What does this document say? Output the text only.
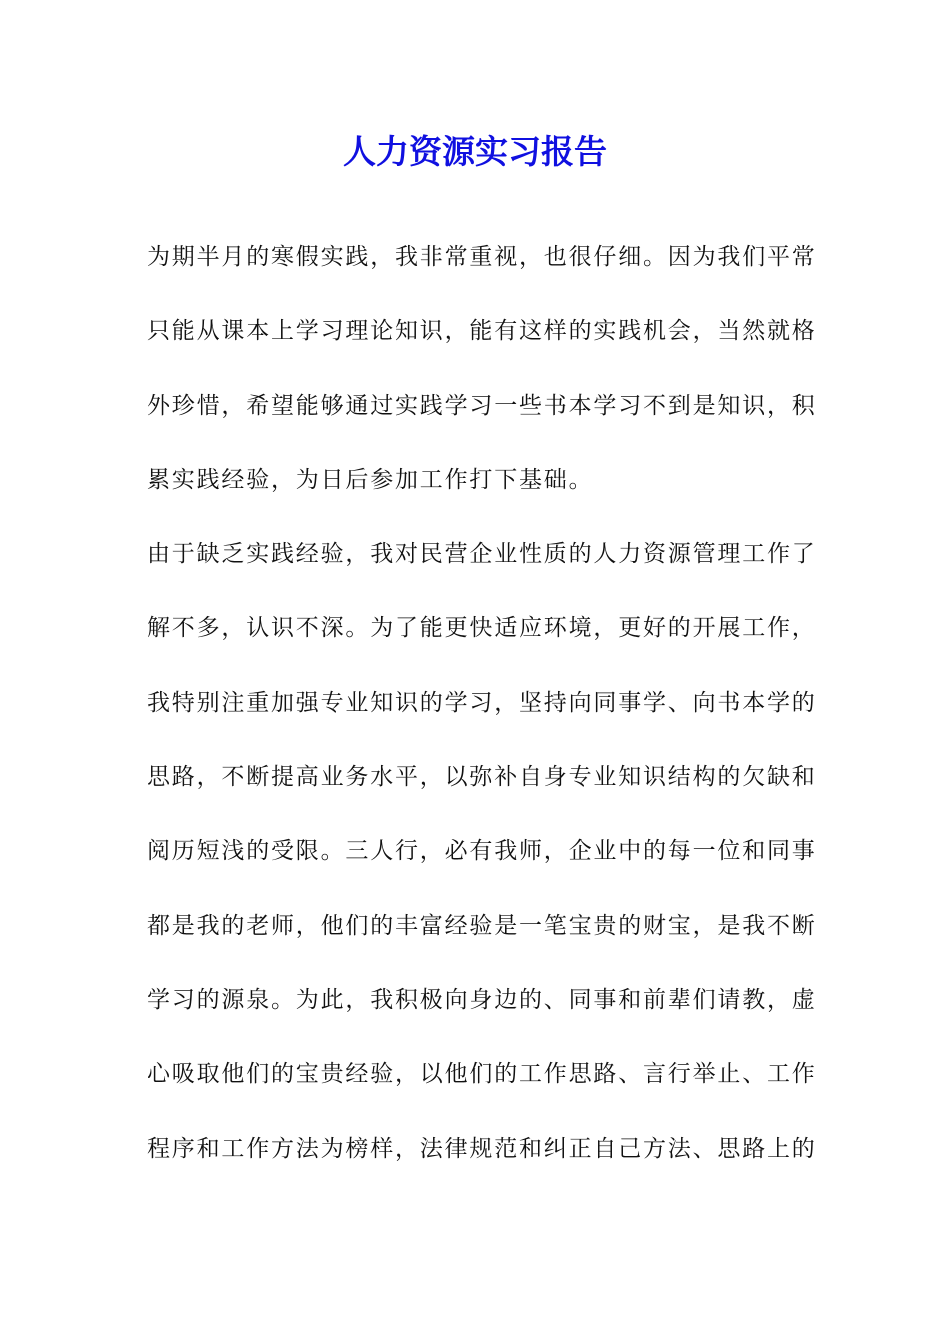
人力资源实习报告
为期半月的寒假实践，我非常重视，也很仔细。因为我们平常
只能从课本上学习理论知识，能有这样的实践机会，当然就格
外珍惜，希望能够通过实践学习一些书本学习不到是知识，积
累实践经验，为日后参加工作打下基础。
由于缺乏实践经验，我对民营企业性质的人力资源管理工作了
解不多，认识不深。为了能更快适应环境，更好的开展工作，
我特别注重加强专业知识的学习，坚持向同事学、向书本学的
思路，不断提高业务水平，以弥补自身专业知识结构的欠缺和
阅历短浅的受限。三人行，必有我师，企业中的每一位和同事
都是我的老师，他们的丰富经验是一笔宝贵的财宝，是我不断
学习的源泉。为此，我积极向身边的、同事和前辈们请教，虚
心吸取他们的宝贵经验，以他们的工作思路、言行举止、工作
程序和工作方法为榜样，法律规范和纠正自己方法、思路上的
